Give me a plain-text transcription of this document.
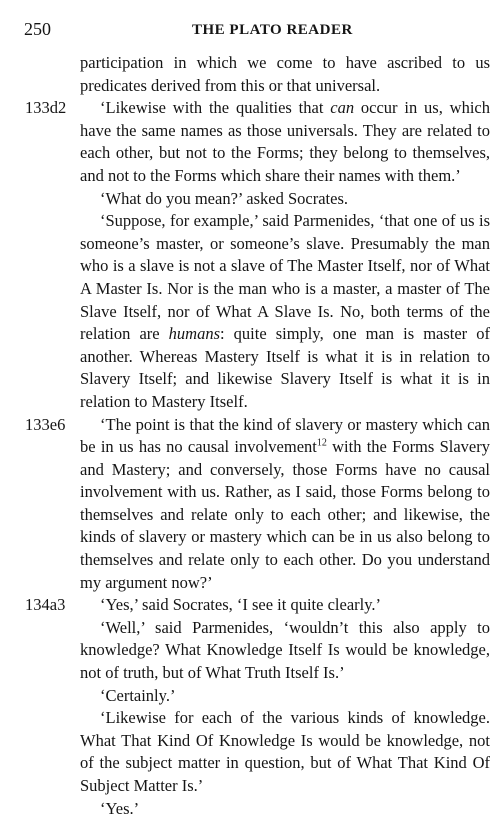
250	THE PLATO READER

participation in which we come to have ascribed to us predicates derived from this or that universal.

133d2 ‘Likewise with the qualities that can occur in us, which have the same names as those universals. They are related to each other, but not to the Forms; they belong to themselves, and not to the Forms which share their names with them.’

‘What do you mean?’ asked Socrates.

‘Suppose, for example,’ said Parmenides, ‘that one of us is someone’s master, or someone’s slave. Presumably the man who is a slave is not a slave of The Master Itself, nor of What A Master Is. Nor is the man who is a master, a master of The Slave Itself, nor of What A Slave Is. No, both terms of the relation are humans: quite simply, one man is master of another. Whereas Mastery Itself is what it is in relation to Slavery Itself; and likewise Slavery Itself is what it is in relation to Mastery Itself.

133e6 ‘The point is that the kind of slavery or mastery which can be in us has no causal involvement$^{12}$ with the Forms Slavery and Mastery; and conversely, those Forms have no causal involvement with us. Rather, as I said, those Forms belong to themselves and relate only to each other; and likewise, the kinds of slavery or mastery which can be in us also belong to themselves and relate only to each other. Do you understand my argument now?’

134a3 ‘Yes,’ said Socrates, ‘I see it quite clearly.’

‘Well,’ said Parmenides, ‘wouldn’t this also apply to knowledge? What Knowledge Itself Is would be knowledge, not of truth, but of What Truth Itself Is.’

‘Certainly.’

‘Likewise for each of the various kinds of knowledge. What That Kind Of Knowledge Is would be knowledge, not of the subject matter in question, but of What That Kind Of Subject Matter Is.’

‘Yes.’
